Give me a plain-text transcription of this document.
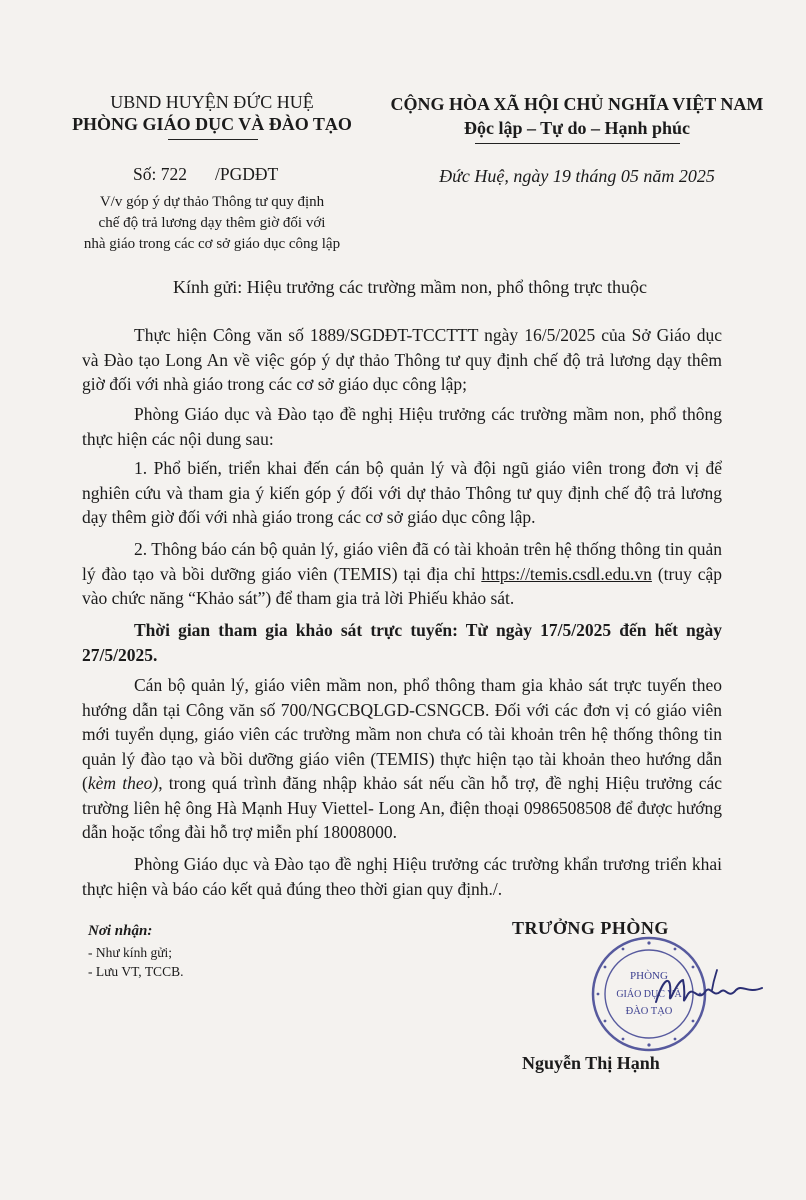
UBND HUYỆN ĐỨC HUỆ
PHÒNG GIÁO DỤC VÀ ĐÀO TẠO
Số: 722 /PGDĐT
V/v góp ý dự thảo Thông tư quy định
chế độ trả lương dạy thêm giờ đối với
nhà giáo trong các cơ sở giáo dục công lập
CỘNG HÒA XÃ HỘI CHỦ NGHĨA VIỆT NAM
Độc lập – Tự do – Hạnh phúc
Đức Huệ, ngày 19 tháng 05 năm 2025
Kính gửi: Hiệu trưởng các trường mầm non, phổ thông trực thuộc
Thực hiện Công văn số 1889/SGDĐT-TCCTTT ngày 16/5/2025 của Sở Giáo dục và Đào tạo Long An về việc góp ý dự thảo Thông tư quy định chế độ trả lương dạy thêm giờ đối với nhà giáo trong các cơ sở giáo dục công lập;
Phòng Giáo dục và Đào tạo đề nghị Hiệu trưởng các trường mầm non, phổ thông thực hiện các nội dung sau:
1. Phổ biến, triển khai đến cán bộ quản lý và đội ngũ giáo viên trong đơn vị để nghiên cứu và tham gia ý kiến góp ý đối với dự thảo Thông tư quy định chế độ trả lương dạy thêm giờ đối với nhà giáo trong các cơ sở giáo dục công lập.
2. Thông báo cán bộ quản lý, giáo viên đã có tài khoản trên hệ thống thông tin quản lý đào tạo và bồi dưỡng giáo viên (TEMIS) tại địa chỉ https://temis.csdl.edu.vn (truy cập vào chức năng “Khảo sát”) để tham gia trả lời Phiếu khảo sát.
Thời gian tham gia khảo sát trực tuyến: Từ ngày 17/5/2025 đến hết ngày 27/5/2025.
Cán bộ quản lý, giáo viên mầm non, phổ thông tham gia khảo sát trực tuyến theo hướng dẫn tại Công văn số 700/NGCBQLGD-CSNGCB. Đối với các đơn vị có giáo viên mới tuyển dụng, giáo viên các trường mầm non chưa có tài khoản trên hệ thống thông tin quản lý đào tạo và bồi dưỡng giáo viên (TEMIS) thực hiện tạo tài khoản theo hướng dẫn (kèm theo), trong quá trình đăng nhập khảo sát nếu cần hỗ trợ, đề nghị Hiệu trưởng các trường liên hệ ông Hà Mạnh Huy Viettel- Long An, điện thoại 0986508508 để được hướng dẫn hoặc tổng đài hỗ trợ miễn phí 18008000.
Phòng Giáo dục và Đào tạo đề nghị Hiệu trưởng các trường khẩn trương triển khai thực hiện và báo cáo kết quả đúng theo thời gian quy định./.
Nơi nhận:
- Như kính gửi;
- Lưu VT, TCCB.
TRƯỞNG PHÒNG
PHÒNG
GIÁO DỤC VÀ
ĐÀO TẠO
Nguyễn Thị Hạnh
